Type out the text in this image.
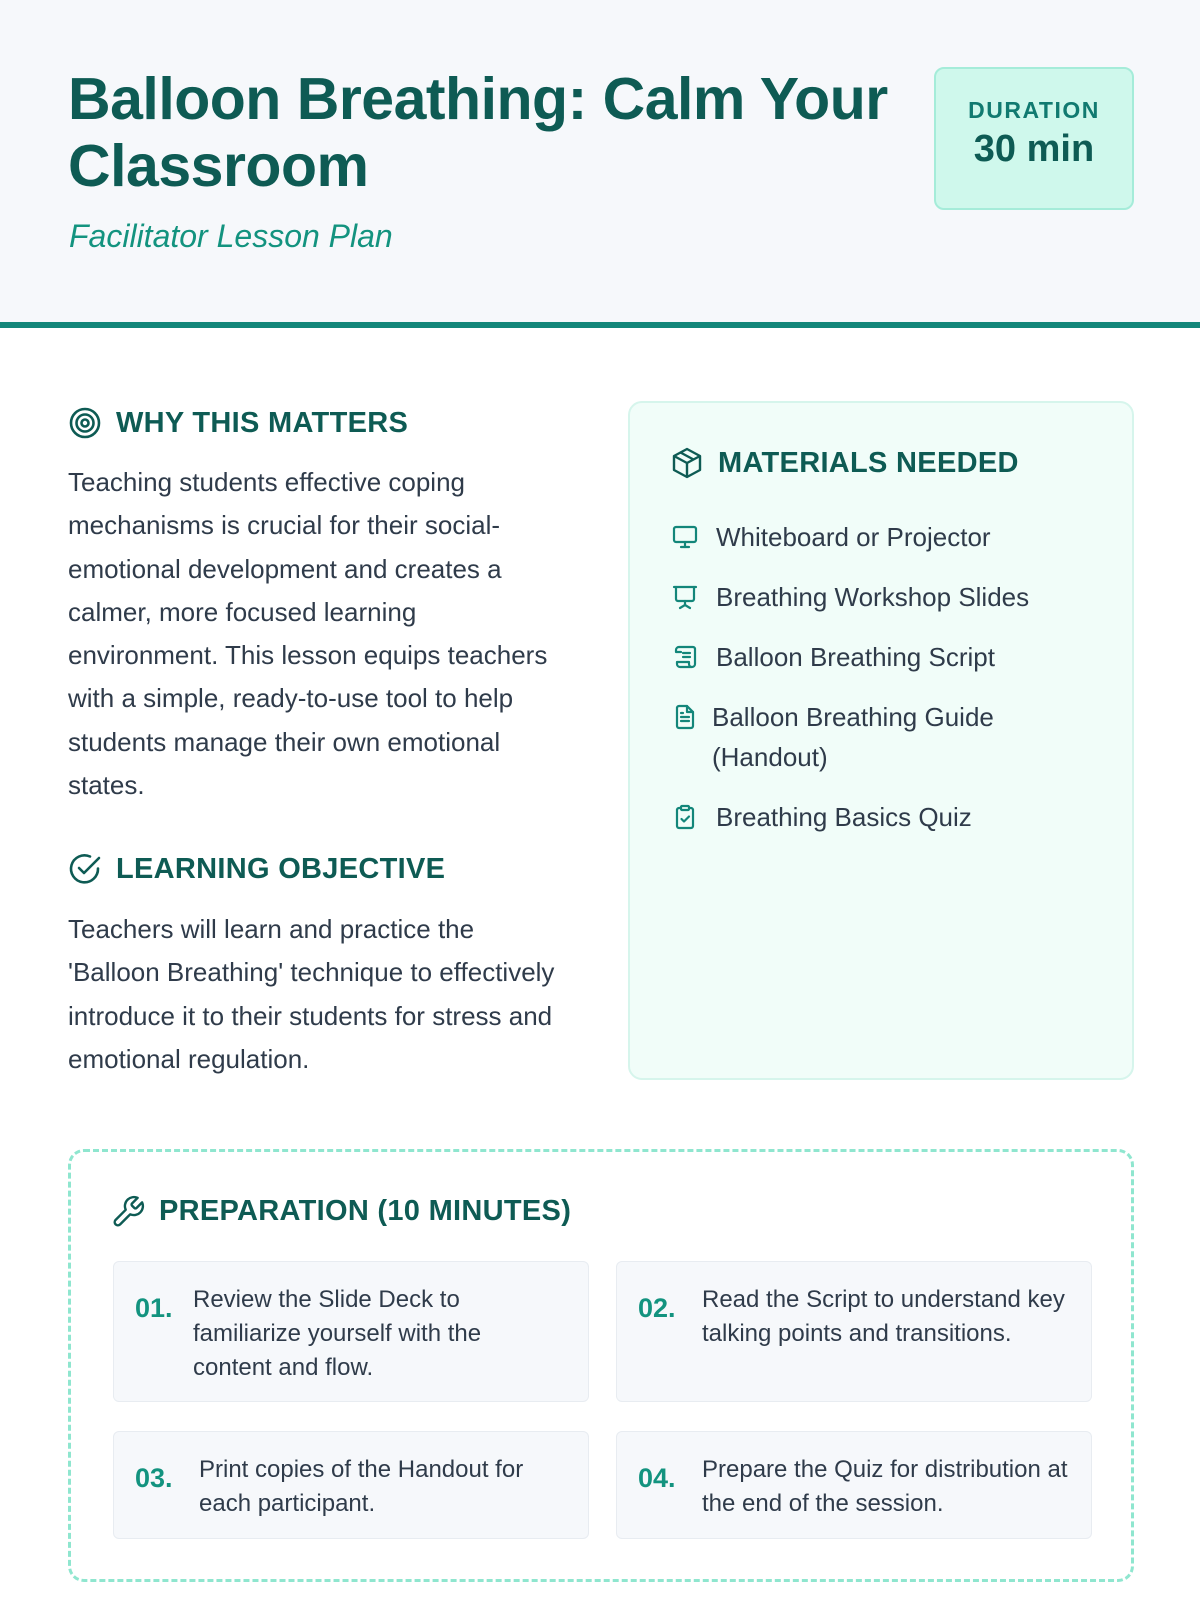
Balloon Breathing: Calm Your Classroom
Facilitator Lesson Plan
DURATION
30 min
WHY THIS MATTERS

Teaching students effective coping mechanisms is crucial for their social-emotional development and creates a calmer, more focused learning environment. This lesson equips teachers with a simple, ready-to-use tool to help students manage their own emotional states.

LEARNING OBJECTIVE

Teachers will learn and practice the 'Balloon Breathing' technique to effectively introduce it to their students for stress and emotional regulation.

MATERIALS NEEDED
Whiteboard or Projector
Breathing Workshop Slides
Balloon Breathing Script
Balloon Breathing Guide (Handout)
Breathing Basics Quiz
PREPARATION (10 MINUTES)
01. Review the Slide Deck to familiarize yourself with the content and flow.
02. Read the Script to understand key talking points and transitions.
03. Print copies of the Handout for each participant.
04. Prepare the Quiz for distribution at the end of the session.
